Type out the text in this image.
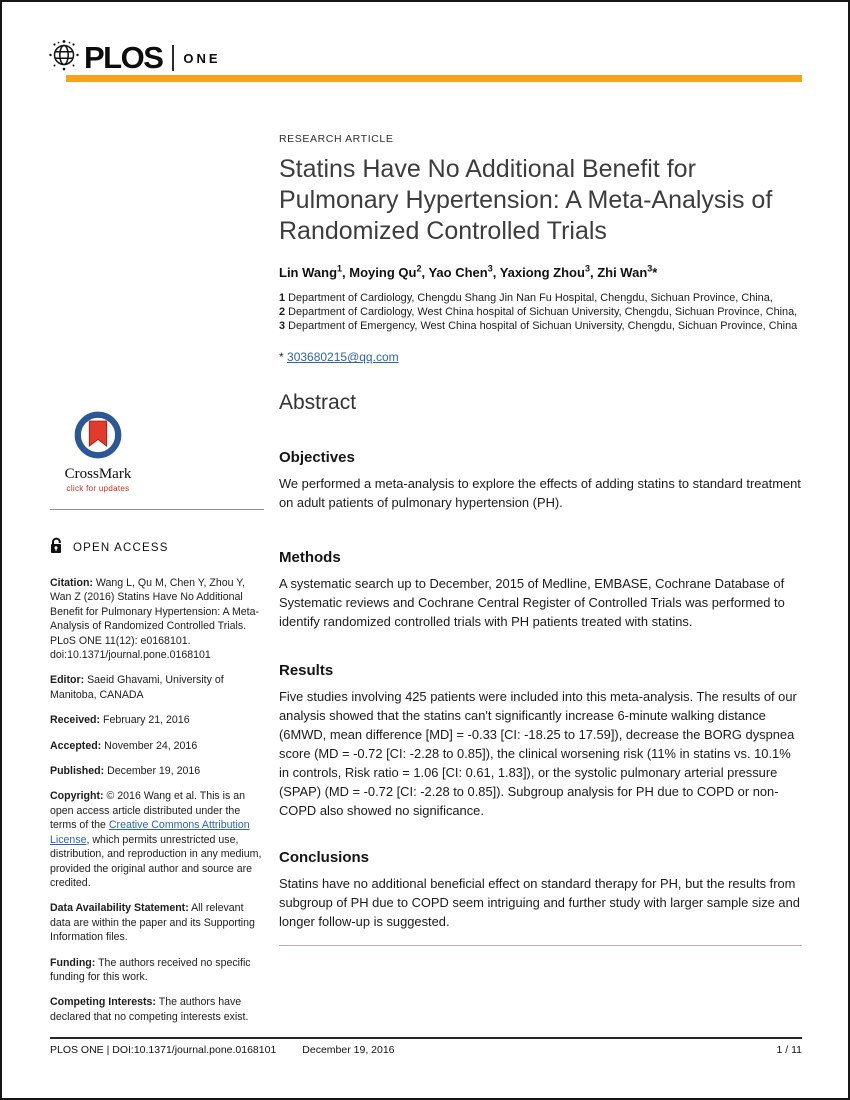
PLOS ONE
RESEARCH ARTICLE
Statins Have No Additional Benefit for Pulmonary Hypertension: A Meta-Analysis of Randomized Controlled Trials
Lin Wang$^1$, Moying Qu$^2$, Yao Chen$^3$, Yaxiong Zhou$^3$, Zhi Wan$^3$*
1 Department of Cardiology, Chengdu Shang Jin Nan Fu Hospital, Chengdu, Sichuan Province, China,
2 Department of Cardiology, West China hospital of Sichuan University, Chengdu, Sichuan Province, China,
3 Department of Emergency, West China hospital of Sichuan University, Chengdu, Sichuan Province, China
* 303680215@qq.com
Abstract
Objectives

We performed a meta-analysis to explore the effects of adding statins to standard treatment on adult patients of pulmonary hypertension (PH).

Methods

A systematic search up to December, 2015 of Medline, EMBASE, Cochrane Database of Systematic reviews and Cochrane Central Register of Controlled Trials was performed to identify randomized controlled trials with PH patients treated with statins.

Results

Five studies involving 425 patients were included into this meta-analysis. The results of our analysis showed that the statins can't significantly increase 6-minute walking distance (6MWD, mean difference [MD] = -0.33 [CI: -18.25 to 17.59]), decrease the BORG dyspnea score (MD = -0.72 [CI: -2.28 to 0.85]), the clinical worsening risk (11% in statins vs. 10.1% in controls, Risk ratio = 1.06 [CI: 0.61, 1.83]), or the systolic pulmonary arterial pressure (SPAP) (MD = -0.72 [CI: -2.28 to 0.85]). Subgroup analysis for PH due to COPD or non-COPD also showed no significance.

Conclusions

Statins have no additional beneficial effect on standard therapy for PH, but the results from subgroup of PH due to COPD seem intriguing and further study with larger sample size and longer follow-up is suggested.

CrossMark
click for updates
OPEN ACCESS

Citation: Wang L, Qu M, Chen Y, Zhou Y, Wan Z (2016) Statins Have No Additional Benefit for Pulmonary Hypertension: A Meta-Analysis of Randomized Controlled Trials. PLoS ONE 11(12): e0168101. doi:10.1371/journal.pone.0168101

Editor: Saeid Ghavami, University of Manitoba, CANADA

Received: February 21, 2016

Accepted: November 24, 2016

Published: December 19, 2016

Copyright: © 2016 Wang et al. This is an open access article distributed under the terms of the Creative Commons Attribution License, which permits unrestricted use, distribution, and reproduction in any medium, provided the original author and source are credited.

Data Availability Statement: All relevant data are within the paper and its Supporting Information files.

Funding: The authors received no specific funding for this work.

Competing Interests: The authors have declared that no competing interests exist.

PLOS ONE | DOI:10.1371/journal.pone.0168101 December 19, 2016	1 / 11
